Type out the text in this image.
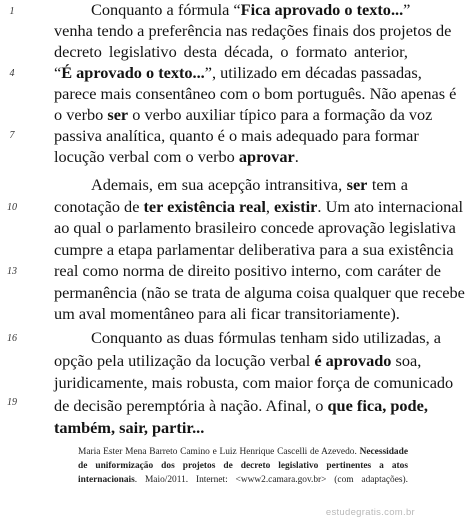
1
4
7
10
13
16
19
Conquanto a fórmula “Fica aprovado o texto...”
venha tendo a preferência nas redações finais dos projetos de
decreto legislativo desta década, o formato anterior,
“É aprovado o texto...”, utilizado em décadas passadas,
parece mais consentâneo com o bom português. Não apenas é
o verbo ser o verbo auxiliar típico para a formação da voz
passiva analítica, quanto é o mais adequado para formar
locução verbal com o verbo aprovar.
Ademais, em sua acepção intransitiva, ser tem a
conotação de ter existência real, existir. Um ato internacional
ao qual o parlamento brasileiro concede aprovação legislativa
cumpre a etapa parlamentar deliberativa para a sua existência
real como norma de direito positivo interno, com caráter de
permanência (não se trata de alguma coisa qualquer que recebe
um aval momentâneo para ali ficar transitoriamente).
Conquanto as duas fórmulas tenham sido utilizadas, a
opção pela utilização da locução verbal é aprovado soa,
juridicamente, mais robusta, com maior força de comunicado
de decisão peremptória à nação. Afinal, o que fica, pode,
também, sair, partir...
Maria Ester Mena Barreto Camino e Luiz Henrique Cascelli de Azevedo. Necessidade
de uniformização dos projetos de decreto legislativo pertinentes a atos
internacionais. Maio/2011. Internet: <www2.camara.gov.br> (com adaptações).
estudegratis.com.br
